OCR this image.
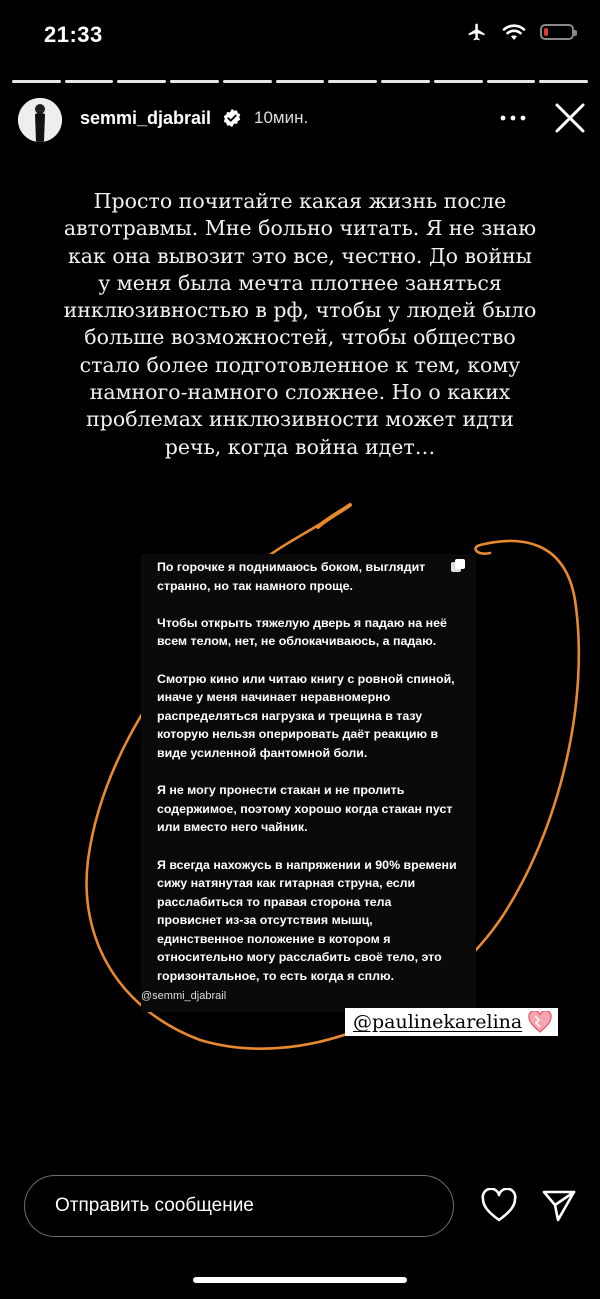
21:33
semmi_djabrail	10мин.
Просто почитайте какая жизнь после автотравмы. Мне больно читать. Я не знаю как она вывозит это все, честно. До войны у меня была мечта плотнее заняться инклюзивностью в рф, чтобы у людей было больше возможностей, чтобы общество стало более подготовленное к тем, кому намного-намного сложнее. Но о каких проблемах инклюзивности может идти речь, когда война идет…

По горочке я поднимаюсь боком, выглядит странно, но так намного проще.

Чтобы открыть тяжелую дверь я падаю на неё всем телом, нет, не облокачиваюсь, а падаю.

Смотрю кино или читаю книгу с ровной спиной, иначе у меня начинает неравномерно распределяться нагрузка и трещина в тазу которую нельзя оперировать даёт реакцию в виде усиленной фантомной боли.

Я не могу пронести стакан и не пролить содержимое, поэтому хорошо когда стакан пуст или вместо него чайник.

Я всегда нахожусь в напряжении и 90% времени сижу натянутая как гитарная струна, если расслабиться то правая сторона тела провиснет из-за отсутствия мышц, единственное положение в котором я относительно могу расслабить своё тело, это горизонтальное, то есть когда я сплю.

@semmi_djabrail
@paulinekarelina
Отправить сообщение
